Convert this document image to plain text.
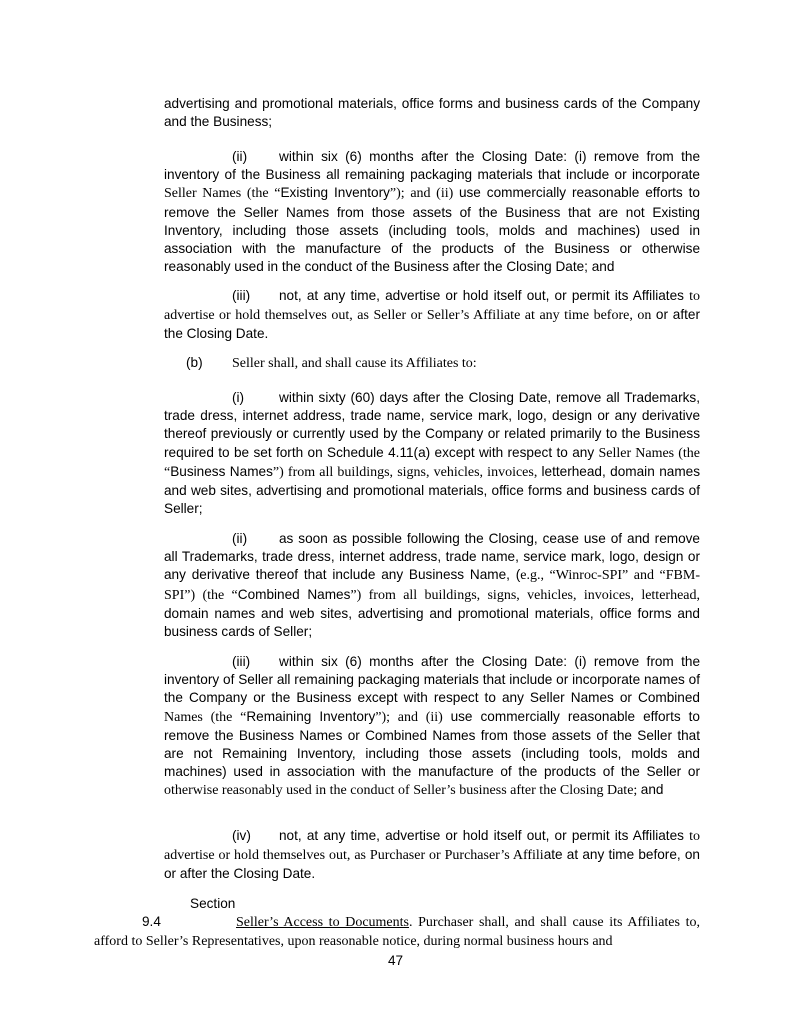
advertising and promotional materials, office forms and business cards of the Company and the Business;

(ii) within six (6) months after the Closing Date: (i) remove from the inventory of the Business all remaining packaging materials that include or incorporate Seller Names (the “Existing Inventory”); and (ii) use commercially reasonable efforts to remove the Seller Names from those assets of the Business that are not Existing Inventory, including those assets (including tools, molds and machines) used in association with the manufacture of the products of the Business or otherwise reasonably used in the conduct of the Business after the Closing Date; and

(iii) not, at any time, advertise or hold itself out, or permit its Affiliates to advertise or hold themselves out, as Seller or Seller’s Affiliate at any time before, on or after the Closing Date.

(b) Seller shall, and shall cause its Affiliates to:

(i)	within sixty (60) days after the Closing Date, remove all Trademarks, trade dress, internet address, trade name, service mark, logo, design or any derivative thereof previously or currently used by the Company or related primarily to the Business required to be set forth on Schedule 4.11(a) except with respect to any Seller Names (the “Business Names”) from all buildings, signs, vehicles, invoices, letterhead, domain names and web sites, advertising and promotional materials, office forms and business cards of Seller;

(ii) as soon as possible following the Closing, cease use of and remove all Trademarks, trade dress, internet address, trade name, service mark, logo, design or any derivative thereof that include any Business Name, (e.g., “Winroc-SPI” and “FBM-SPI”) (the “Combined Names”) from all buildings, signs, vehicles, invoices, letterhead, domain names and web sites, advertising and promotional materials, office forms and business cards of Seller;

(iii) within six (6) months after the Closing Date: (i) remove from the inventory of Seller all remaining packaging materials that include or incorporate names of the Company or the Business except with respect to any Seller Names or Combined Names (the “Remaining Inventory”); and (ii) use commercially reasonable efforts to remove the Business Names or Combined Names from those assets of the Seller that are not Remaining Inventory, including those assets (including tools, molds and machines) used in association with the manufacture of the products of the Seller or otherwise reasonably used in the conduct of Seller’s business after the Closing Date; and

(iv) not, at any time, advertise or hold itself out, or permit its Affiliates to advertise or hold themselves out, as Purchaser or Purchaser’s Affiliate at any time before, on or after the Closing Date.

Section 9.4	Seller’s Access to Documents. Purchaser shall, and shall cause its Affiliates to, afford to Seller’s Representatives, upon reasonable notice, during normal business hours and

47
